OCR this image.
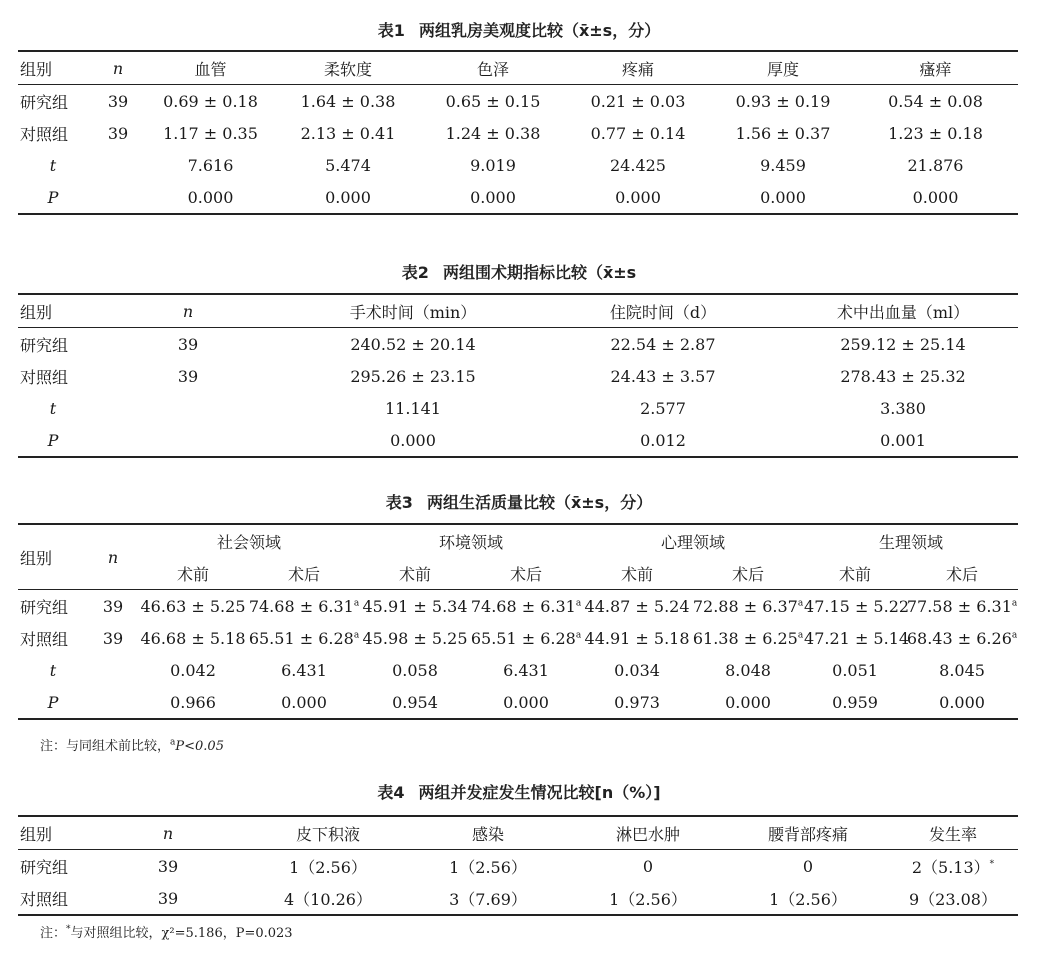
表1 两组乳房美观度比较（x̄±s，分）
组别	n	血管	柔软度	色泽	疼痛	厚度	瘙痒
研究组	39	0.69 ± 0.18	1.64 ± 0.38	0.65 ± 0.15	0.21 ± 0.03	0.93 ± 0.19	0.54 ± 0.08
对照组	39	1.17 ± 0.35	2.13 ± 0.41	1.24 ± 0.38	0.77 ± 0.14	1.56 ± 0.37	1.23 ± 0.18
t		7.616	5.474	9.019	24.425	9.459	21.876
P		0.000	0.000	0.000	0.000	0.000	0.000
表2 两组围术期指标比较（x̄±s
组别	n	手术时间（min）	住院时间（d）	术中出血量（ml）
研究组	39	240.52 ± 20.14	22.54 ± 2.87	259.12 ± 25.14
对照组	39	295.26 ± 23.15	24.43 ± 3.57	278.43 ± 25.32
t		11.141	2.577	3.380
P		0.000	0.012	0.001
表3 两组生活质量比较（x̄±s，分）
组别	n	社会领域		环境领域		心理领域		生理领域	
		术前	术后	术前	术后	术前	术后	术前	术后
研究组	39	46.63 ± 5.25	74.68 ± 6.31$^a$	45.91 ± 5.34	74.68 ± 6.31$^a$	44.87 ± 5.24	72.88 ± 6.37$^a$	47.15 ± 5.22	77.58 ± 6.31$^a$
对照组	39	46.68 ± 5.18	65.51 ± 6.28$^a$	45.98 ± 5.25	65.51 ± 6.28$^a$	44.91 ± 5.18	61.38 ± 6.25$^a$	47.21 ± 5.14	68.43 ± 6.26$^a$
t		0.042	6.431	0.058	6.431	0.034	8.048	0.051	8.045
P		0.966	0.000	0.954	0.000	0.973	0.000	0.959	0.000
注：与同组术前比较，$^a$P<0.05
表4 两组并发症发生情况比较[n（%）]
组别	n	皮下积液	感染	淋巴水肿	腰背部疼痛	发生率
研究组	39	1（2.56）	1（2.56）	0	0	2（5.13）*
对照组	39	4（10.26）	3（7.69）	1（2.56）	1（2.56）	9（23.08）
注：*与对照组比较，χ²=5.186，P=0.023
